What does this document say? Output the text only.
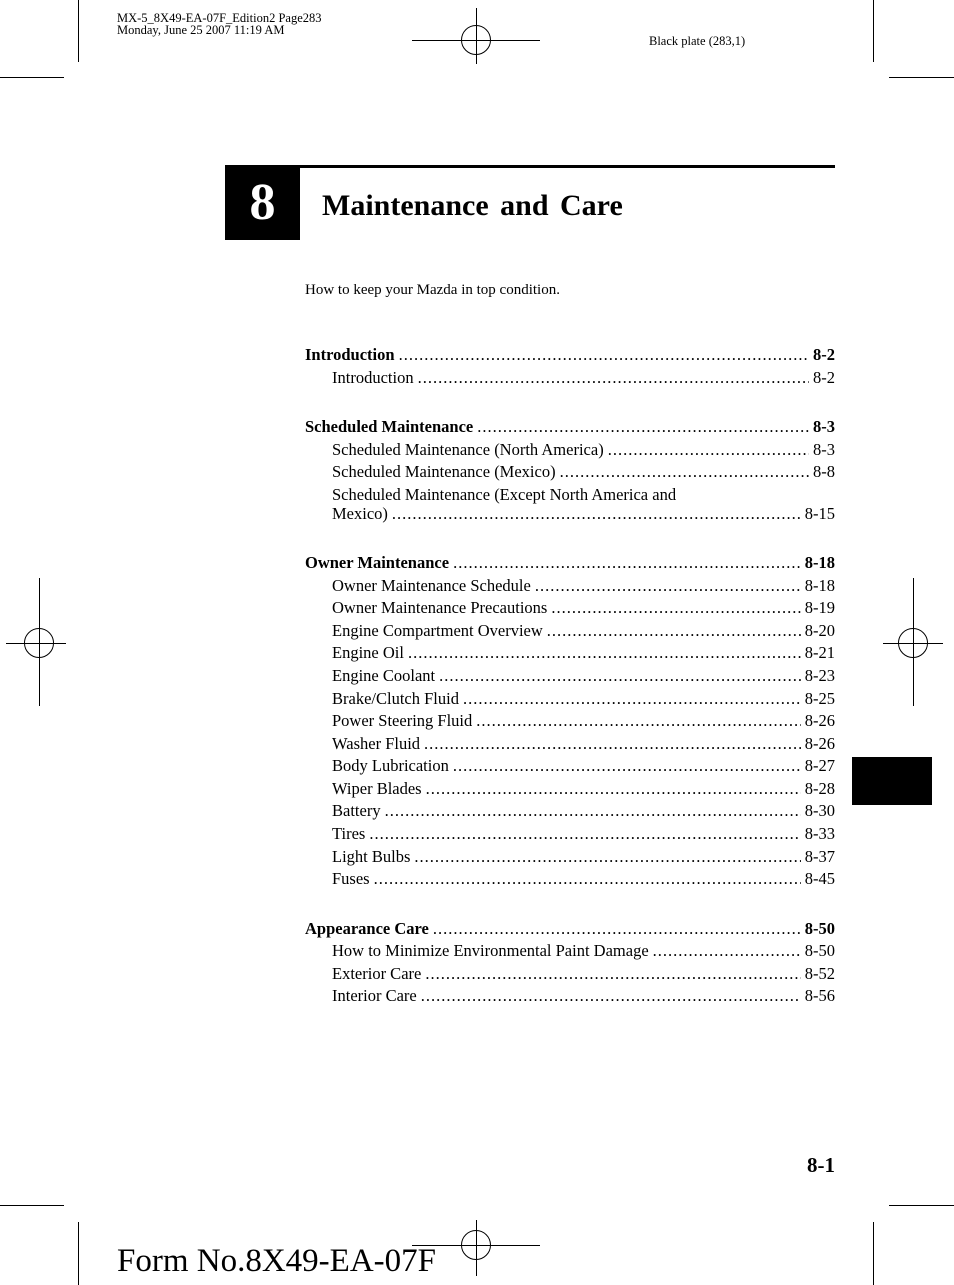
MX-5_8X49-EA-07F_Edition2 Page283
Monday, June 25 2007 11:19 AM
Black plate (283,1)
8	Maintenance and Care
How to keep your Mazda in top condition.
Introduction .....	8-2
Introduction .....	8-2
Scheduled Maintenance .....	8-3
Scheduled Maintenance (North America) .....	8-3
Scheduled Maintenance (Mexico) .....	8-8
Scheduled Maintenance (Except North America and
Mexico) .....	8-15
Owner Maintenance .....	8-18
Owner Maintenance Schedule .....	8-18
Owner Maintenance Precautions .....	8-19
Engine Compartment Overview .....	8-20
Engine Oil .....	8-21
Engine Coolant .....	8-23
Brake/Clutch Fluid .....	8-25
Power Steering Fluid .....	8-26
Washer Fluid .....	8-26
Body Lubrication .....	8-27
Wiper Blades .....	8-28
Battery .....	8-30
Tires .....	8-33
Light Bulbs .....	8-37
Fuses .....	8-45
Appearance Care .....	8-50
How to Minimize Environmental Paint Damage .....	8-50
Exterior Care .....	8-52
Interior Care .....	8-56
8-1
Form No.8X49-EA-07F
